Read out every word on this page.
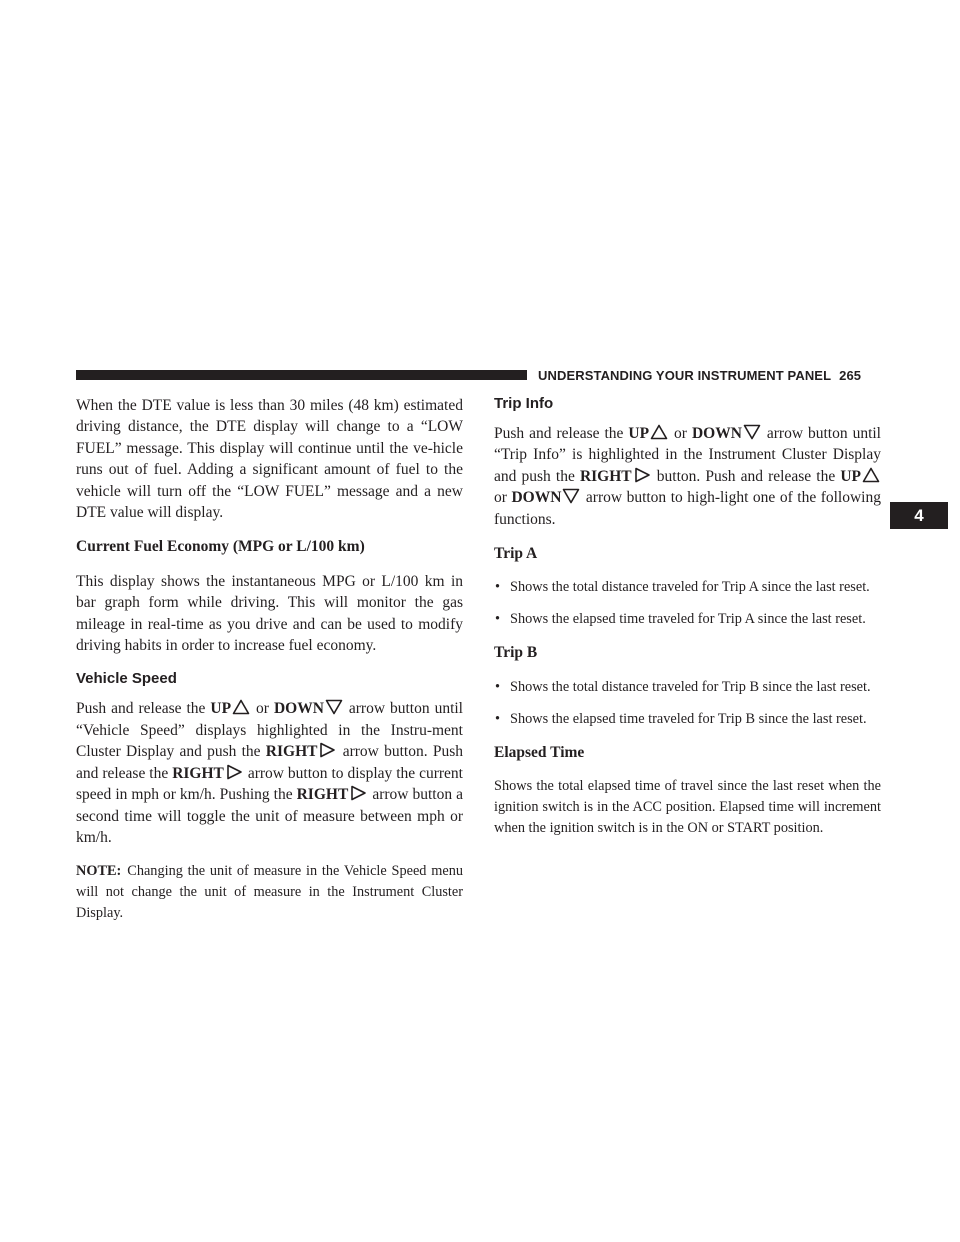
UNDERSTANDING YOUR INSTRUMENT PANEL 265
4

When the DTE value is less than 30 miles (48 km) estimated driving distance, the DTE display will change to a “LOW FUEL” message. This display will continue until the ve-hicle runs out of fuel. Adding a significant amount of fuel to the vehicle will turn off the “LOW FUEL” message and a new DTE value will display.

Current Fuel Economy (MPG or L/100 km)

This display shows the instantaneous MPG or L/100 km in bar graph form while driving. This will monitor the gas mileage in real-time as you drive and can be used to modify driving habits in order to increase fuel economy.

Vehicle Speed

Push and release the UP
or DOWN
arrow button until “Vehicle Speed” displays highlighted in the Instru-ment Cluster Display and push the RIGHT
arrow button. Push and release the RIGHT
arrow button to display the current speed in mph or km/h. Pushing the RIGHT
arrow button a second time will toggle the unit of measure between mph or km/h.

NOTE: Changing the unit of measure in the Vehicle Speed menu will not change the unit of measure in the Instrument Cluster Display.

Trip Info

Push and release the UP
or DOWN
arrow button until “Trip Info” is highlighted in the Instrument Cluster Display and push the RIGHT
button. Push and release the UP
or DOWN
arrow button to high-light one of the following functions.

Trip A
• Shows the total distance traveled for Trip A since the last reset.
• Shows the elapsed time traveled for Trip A since the last reset.
Trip B
• Shows the total distance traveled for Trip B since the last reset.
• Shows the elapsed time traveled for Trip B since the last reset.
Elapsed Time

Shows the total elapsed time of travel since the last reset when the ignition switch is in the ACC position. Elapsed time will increment when the ignition switch is in the ON or START position.
